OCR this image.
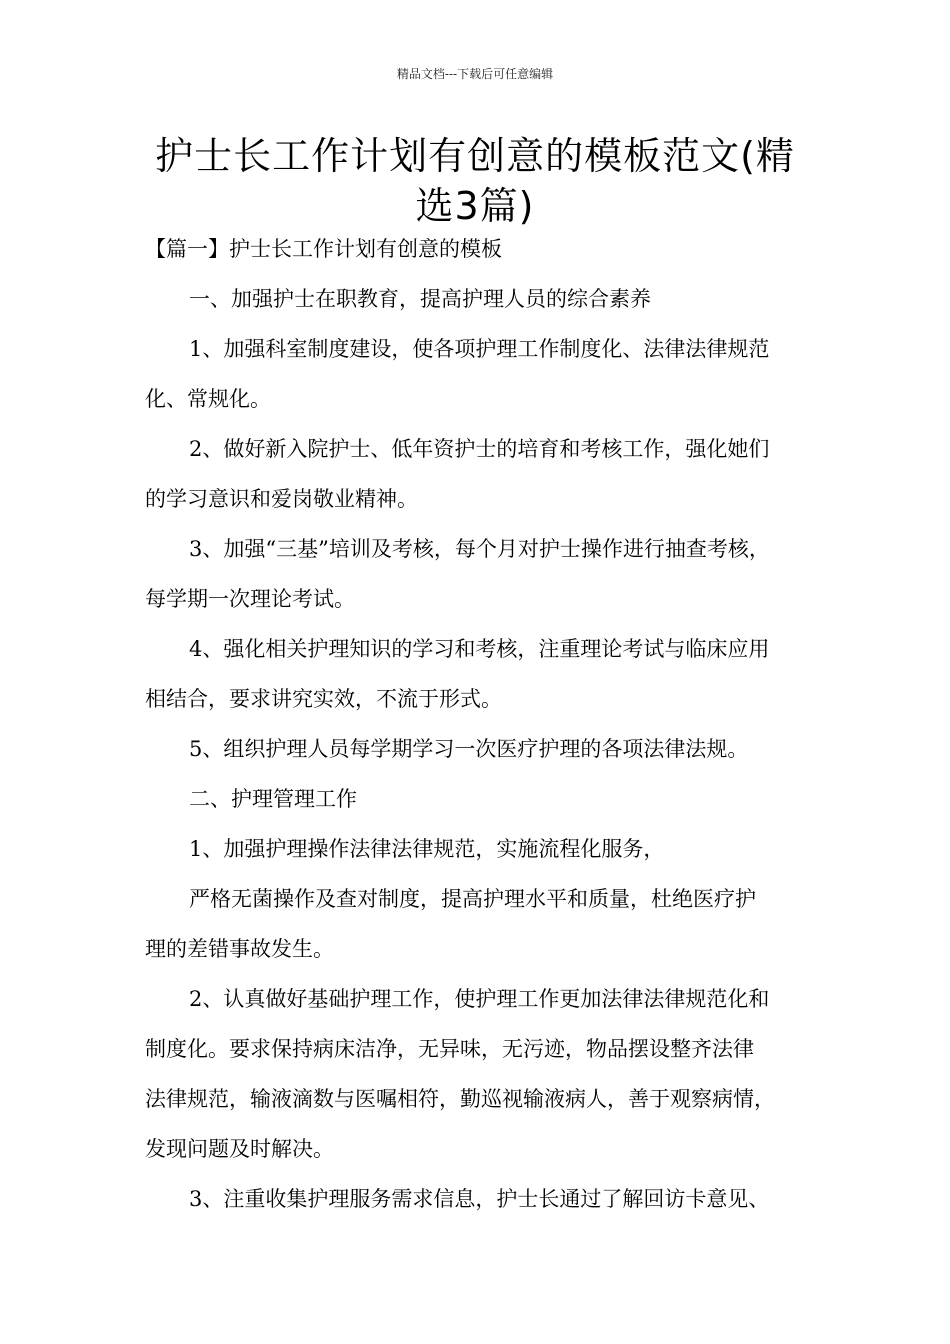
精品文档---下载后可任意编辑
护士长工作计划有创意的模板范文(精
选3篇)
【篇一】护士长工作计划有创意的模板
一、加强护士在职教育，提高护理人员的综合素养
1、加强科室制度建设，使各项护理工作制度化、法律法律规范
化、常规化。
2、做好新入院护士、低年资护士的培育和考核工作，强化她们
的学习意识和爱岗敬业精神。
3、加强“三基”培训及考核，每个月对护士操作进行抽查考核，
每学期一次理论考试。
4、强化相关护理知识的学习和考核，注重理论考试与临床应用
相结合，要求讲究实效，不流于形式。
5、组织护理人员每学期学习一次医疗护理的各项法律法规。
二、护理管理工作
1、加强护理操作法律法律规范，实施流程化服务，
严格无菌操作及查对制度，提高护理水平和质量，杜绝医疗护
理的差错事故发生。
2、认真做好基础护理工作，使护理工作更加法律法律规范化和
制度化。要求保持病床洁净，无异味，无污迹，物品摆设整齐法律
法律规范，输液滴数与医嘱相符，勤巡视输液病人，善于观察病情，
发现问题及时解决。
3、注重收集护理服务需求信息，护士长通过了解回访卡意见、
